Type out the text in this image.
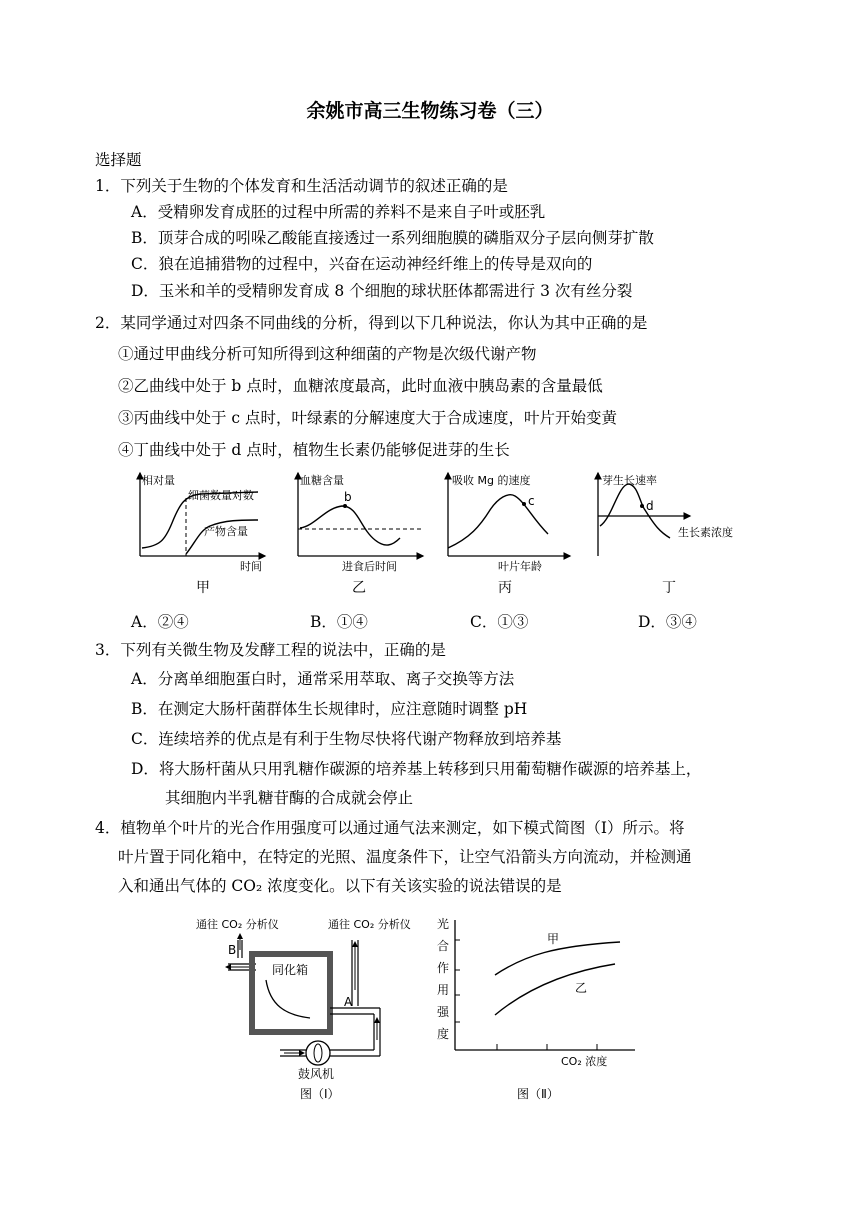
余姚市高三生物练习卷（三）
选择题
1．下列关于生物的个体发育和生活活动调节的叙述正确的是
A．受精卵发育成胚的过程中所需的养料不是来自子叶或胚乳
B．顶芽合成的吲哚乙酸能直接透过一系列细胞膜的磷脂双分子层向侧芽扩散
C．狼在追捕猎物的过程中，兴奋在运动神经纤维上的传导是双向的
D．玉米和羊的受精卵发育成 8 个细胞的球状胚体都需进行 3 次有丝分裂
2．某同学通过对四条不同曲线的分析，得到以下几种说法，你认为其中正确的是
①通过甲曲线分析可知所得到这种细菌的产物是次级代谢产物
②乙曲线中处于 b 点时，血糖浓度最高，此时血液中胰岛素的含量最低
③丙曲线中处于 c 点时，叶绿素的分解速度大于合成速度，叶片开始变黄
④丁曲线中处于 d 点时，植物生长素仍能够促进芽的生长
相对量
细菌数量对数
产物含量
时间
甲
血糖含量
b
进食后时间
乙
吸收 Mg 的速度
c
叶片年龄
丙
芽生长速率
d
生长素浓度
丁
A．②④	B．①④	C．①③	D．③④
3．下列有关微生物及发酵工程的说法中，正确的是
A．分离单细胞蛋白时，通常采用萃取、离子交换等方法
B．在测定大肠杆菌群体生长规律时，应注意随时调整 pH
C．连续培养的优点是有利于生物尽快将代谢产物释放到培养基
D．将大肠杆菌从只用乳糖作碳源的培养基上转移到只用葡萄糖作碳源的培养基上，
其细胞内半乳糖苷酶的合成就会停止
4．植物单个叶片的光合作用强度可以通过通气法来测定，如下模式简图（Ⅰ）所示。将
叶片置于同化箱中，在特定的光照、温度条件下，让空气沿箭头方向流动，并检测通
入和通出气体的 CO₂ 浓度变化。以下有关该实验的说法错误的是
通往 CO₂ 分析仪	通往 CO₂ 分析仪
B
同化箱
A
鼓风机
图（Ⅰ）
光
合
作
用
强
度
甲
乙
CO₂ 浓度
图（Ⅱ）
